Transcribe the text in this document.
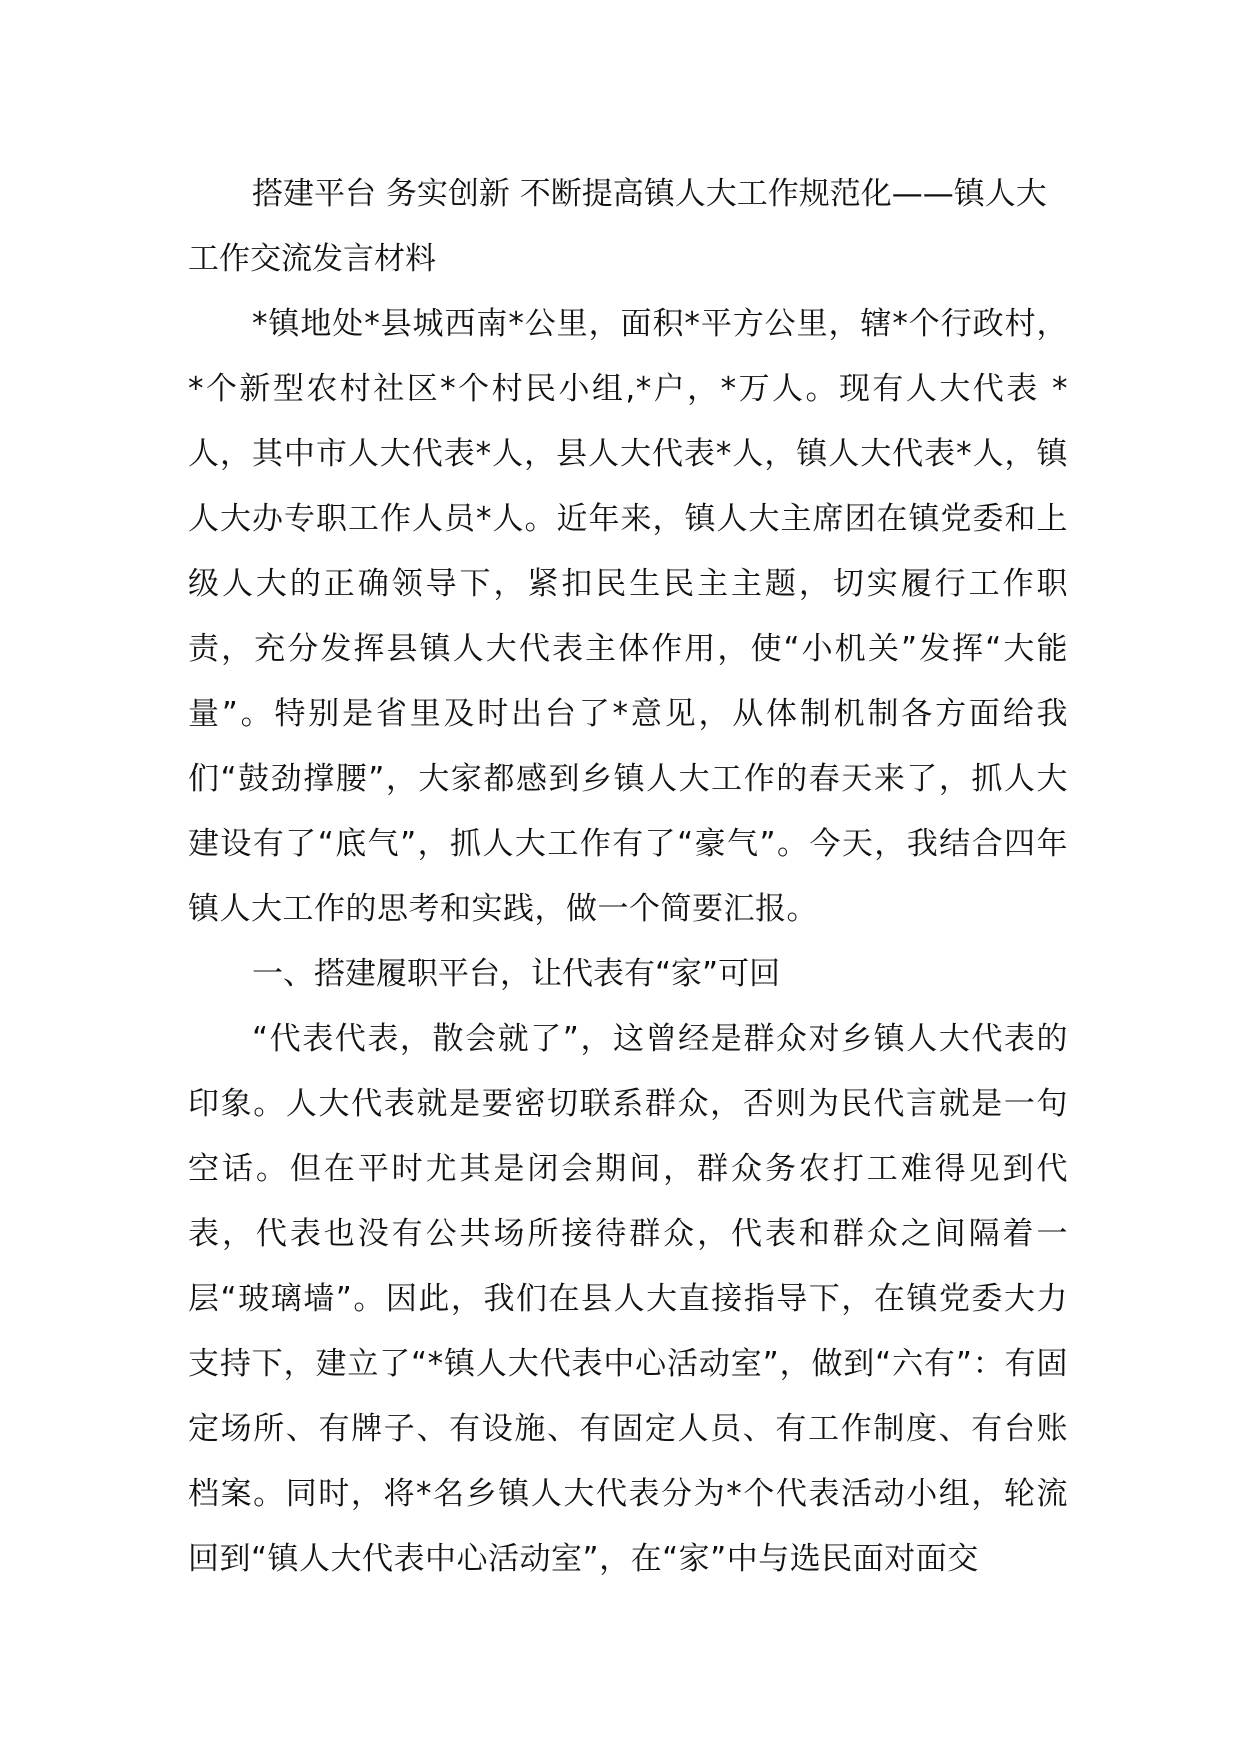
搭建平台 务实创新 不断提高镇人大工作规范化——镇人大工作交流发言材料

*镇地处*县城西南*公里，面积*平方公里，辖*个行政村，*个新型农村社区*个村民小组,*户，*万人。现有人大代表 *人，其中市人大代表*人，县人大代表*人，镇人大代表*人，镇人大办专职工作人员*人。近年来，镇人大主席团在镇党委和上级人大的正确领导下，紧扣民生民主主题，切实履行工作职责，充分发挥县镇人大代表主体作用，使“小机关”发挥“大能量”。特别是省里及时出台了*意见，从体制机制各方面给我们“鼓劲撑腰”，大家都感到乡镇人大工作的春天来了，抓人大建设有了“底气”，抓人大工作有了“豪气”。今天，我结合四年镇人大工作的思考和实践，做一个简要汇报。

一、搭建履职平台，让代表有“家”可回

“代表代表，散会就了”，这曾经是群众对乡镇人大代表的印象。人大代表就是要密切联系群众，否则为民代言就是一句空话。但在平时尤其是闭会期间，群众务农打工难得见到代表，代表也没有公共场所接待群众，代表和群众之间隔着一层“玻璃墙”。因此，我们在县人大直接指导下，在镇党委大力支持下，建立了“*镇人大代表中心活动室”，做到“六有”：有固定场所、有牌子、有设施、有固定人员、有工作制度、有台账档案。同时，将*名乡镇人大代表分为*个代表活动小组，轮流回到“镇人大代表中心活动室”，在“家”中与选民面对面交
